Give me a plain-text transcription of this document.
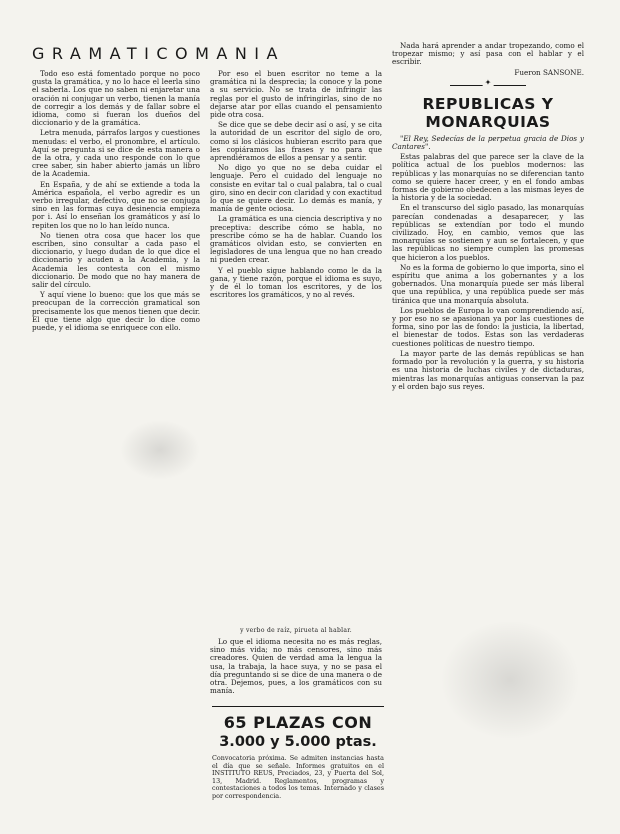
GRAMATICOMANIA

Todo eso está fomentado porque no poco gusta la gramática, y no lo hace el leerla sino el saberla. Los que no saben ni enjaretar una oración ni conjugar un verbo, tienen la manía de corregir a los demás y de fallar sobre el idioma, como si fueran los dueños del diccionario y de la gramática.

Letra menuda, párrafos largos y cuestiones menudas: el verbo, el pronombre, el artículo. Aquí se pregunta si se dice de esta manera o de la otra, y cada uno responde con lo que cree saber, sin haber abierto jamás un libro de la Academia.

En España, y de ahí se extiende a toda la América española, el verbo agredir es un verbo irregular, defectivo, que no se conjuga sino en las formas cuya desinencia empieza por i. Así lo enseñan los gramáticos y así lo repiten los que no lo han leído nunca.

No tienen otra cosa que hacer los que escriben, sino consultar a cada paso el diccionario, y luego dudan de lo que dice el diccionario y acuden a la Academia, y la Academia les contesta con el mismo diccionario. De modo que no hay manera de salir del círculo.

Y aquí viene lo bueno: que los que más se preocupan de la corrección gramatical son precisamente los que menos tienen que decir. El que tiene algo que decir lo dice como puede, y el idioma se enriquece con ello.

Por eso el buen escritor no teme a la gramática ni la desprecia; la conoce y la pone a su servicio. No se trata de infringir las reglas por el gusto de infringirlas, sino de no dejarse atar por ellas cuando el pensamiento pide otra cosa.

Se dice que se debe decir así o así, y se cita la autoridad de un escritor del siglo de oro, como si los clásicos hubieran escrito para que les copiáramos las frases y no para que aprendiéramos de ellos a pensar y a sentir.

No digo yo que no se deba cuidar el lenguaje. Pero el cuidado del lenguaje no consiste en evitar tal o cual palabra, tal o cual giro, sino en decir con claridad y con exactitud lo que se quiere decir. Lo demás es manía, y manía de gente ociosa.

La gramática es una ciencia descriptiva y no preceptiva: describe cómo se habla, no prescribe cómo se ha de hablar. Cuando los gramáticos olvidan esto, se convierten en legisladores de una lengua que no han creado ni pueden crear.

Y el pueblo sigue hablando como le da la gana, y tiene razón, porque el idioma es suyo, y de él lo toman los escritores, y de los escritores los gramáticos, y no al revés.

y verbo de raíz, pirueta al hablar.

Lo que el idioma necesita no es más reglas, sino más vida; no más censores, sino más creadores. Quien de verdad ama la lengua la usa, la trabaja, la hace suya, y no se pasa el día preguntando si se dice de una manera o de otra. Dejemos, pues, a los gramáticos con su manía.

65 PLAZAS CON
3.000 y 5.000 ptas.
Convocatoria próxima. Se admiten instancias hasta el día que se señale. Informes gratuitos en el INSTITUTO REUS, Preciados, 23, y Puerta del Sol, 13, Madrid. Reglamentos, programas y contestaciones a todos los temas. Internado y clases por correspondencia.

Nada hará aprender a andar tropezando, como el tropezar mismo; y así pasa con el hablar y el escribir.

Fueron SANSONE.

✦
REPUBLICAS Y MONARQUIAS

"El Rey, Sedecías de la perpetua gracia de Dios y Cantares".

Estas palabras del que parece ser la clave de la política actual de los pueblos modernos: las repúblicas y las monarquías no se diferencian tanto como se quiere hacer creer, y en el fondo ambas formas de gobierno obedecen a las mismas leyes de la historia y de la sociedad.

En el transcurso del siglo pasado, las monarquías parecían condenadas a desaparecer, y las repúblicas se extendían por todo el mundo civilizado. Hoy, en cambio, vemos que las monarquías se sostienen y aun se fortalecen, y que las repúblicas no siempre cumplen las promesas que hicieron a los pueblos.

No es la forma de gobierno lo que importa, sino el espíritu que anima a los gobernantes y a los gobernados. Una monarquía puede ser más liberal que una república, y una república puede ser más tiránica que una monarquía absoluta.

Los pueblos de Europa lo van comprendiendo así, y por eso no se apasionan ya por las cuestiones de forma, sino por las de fondo: la justicia, la libertad, el bienestar de todos. Estas son las verdaderas cuestiones políticas de nuestro tiempo.

La mayor parte de las demás repúblicas se han formado por la revolución y la guerra, y su historia es una historia de luchas civiles y de dictaduras, mientras las monarquías antiguas conservan la paz y el orden bajo sus reyes.
